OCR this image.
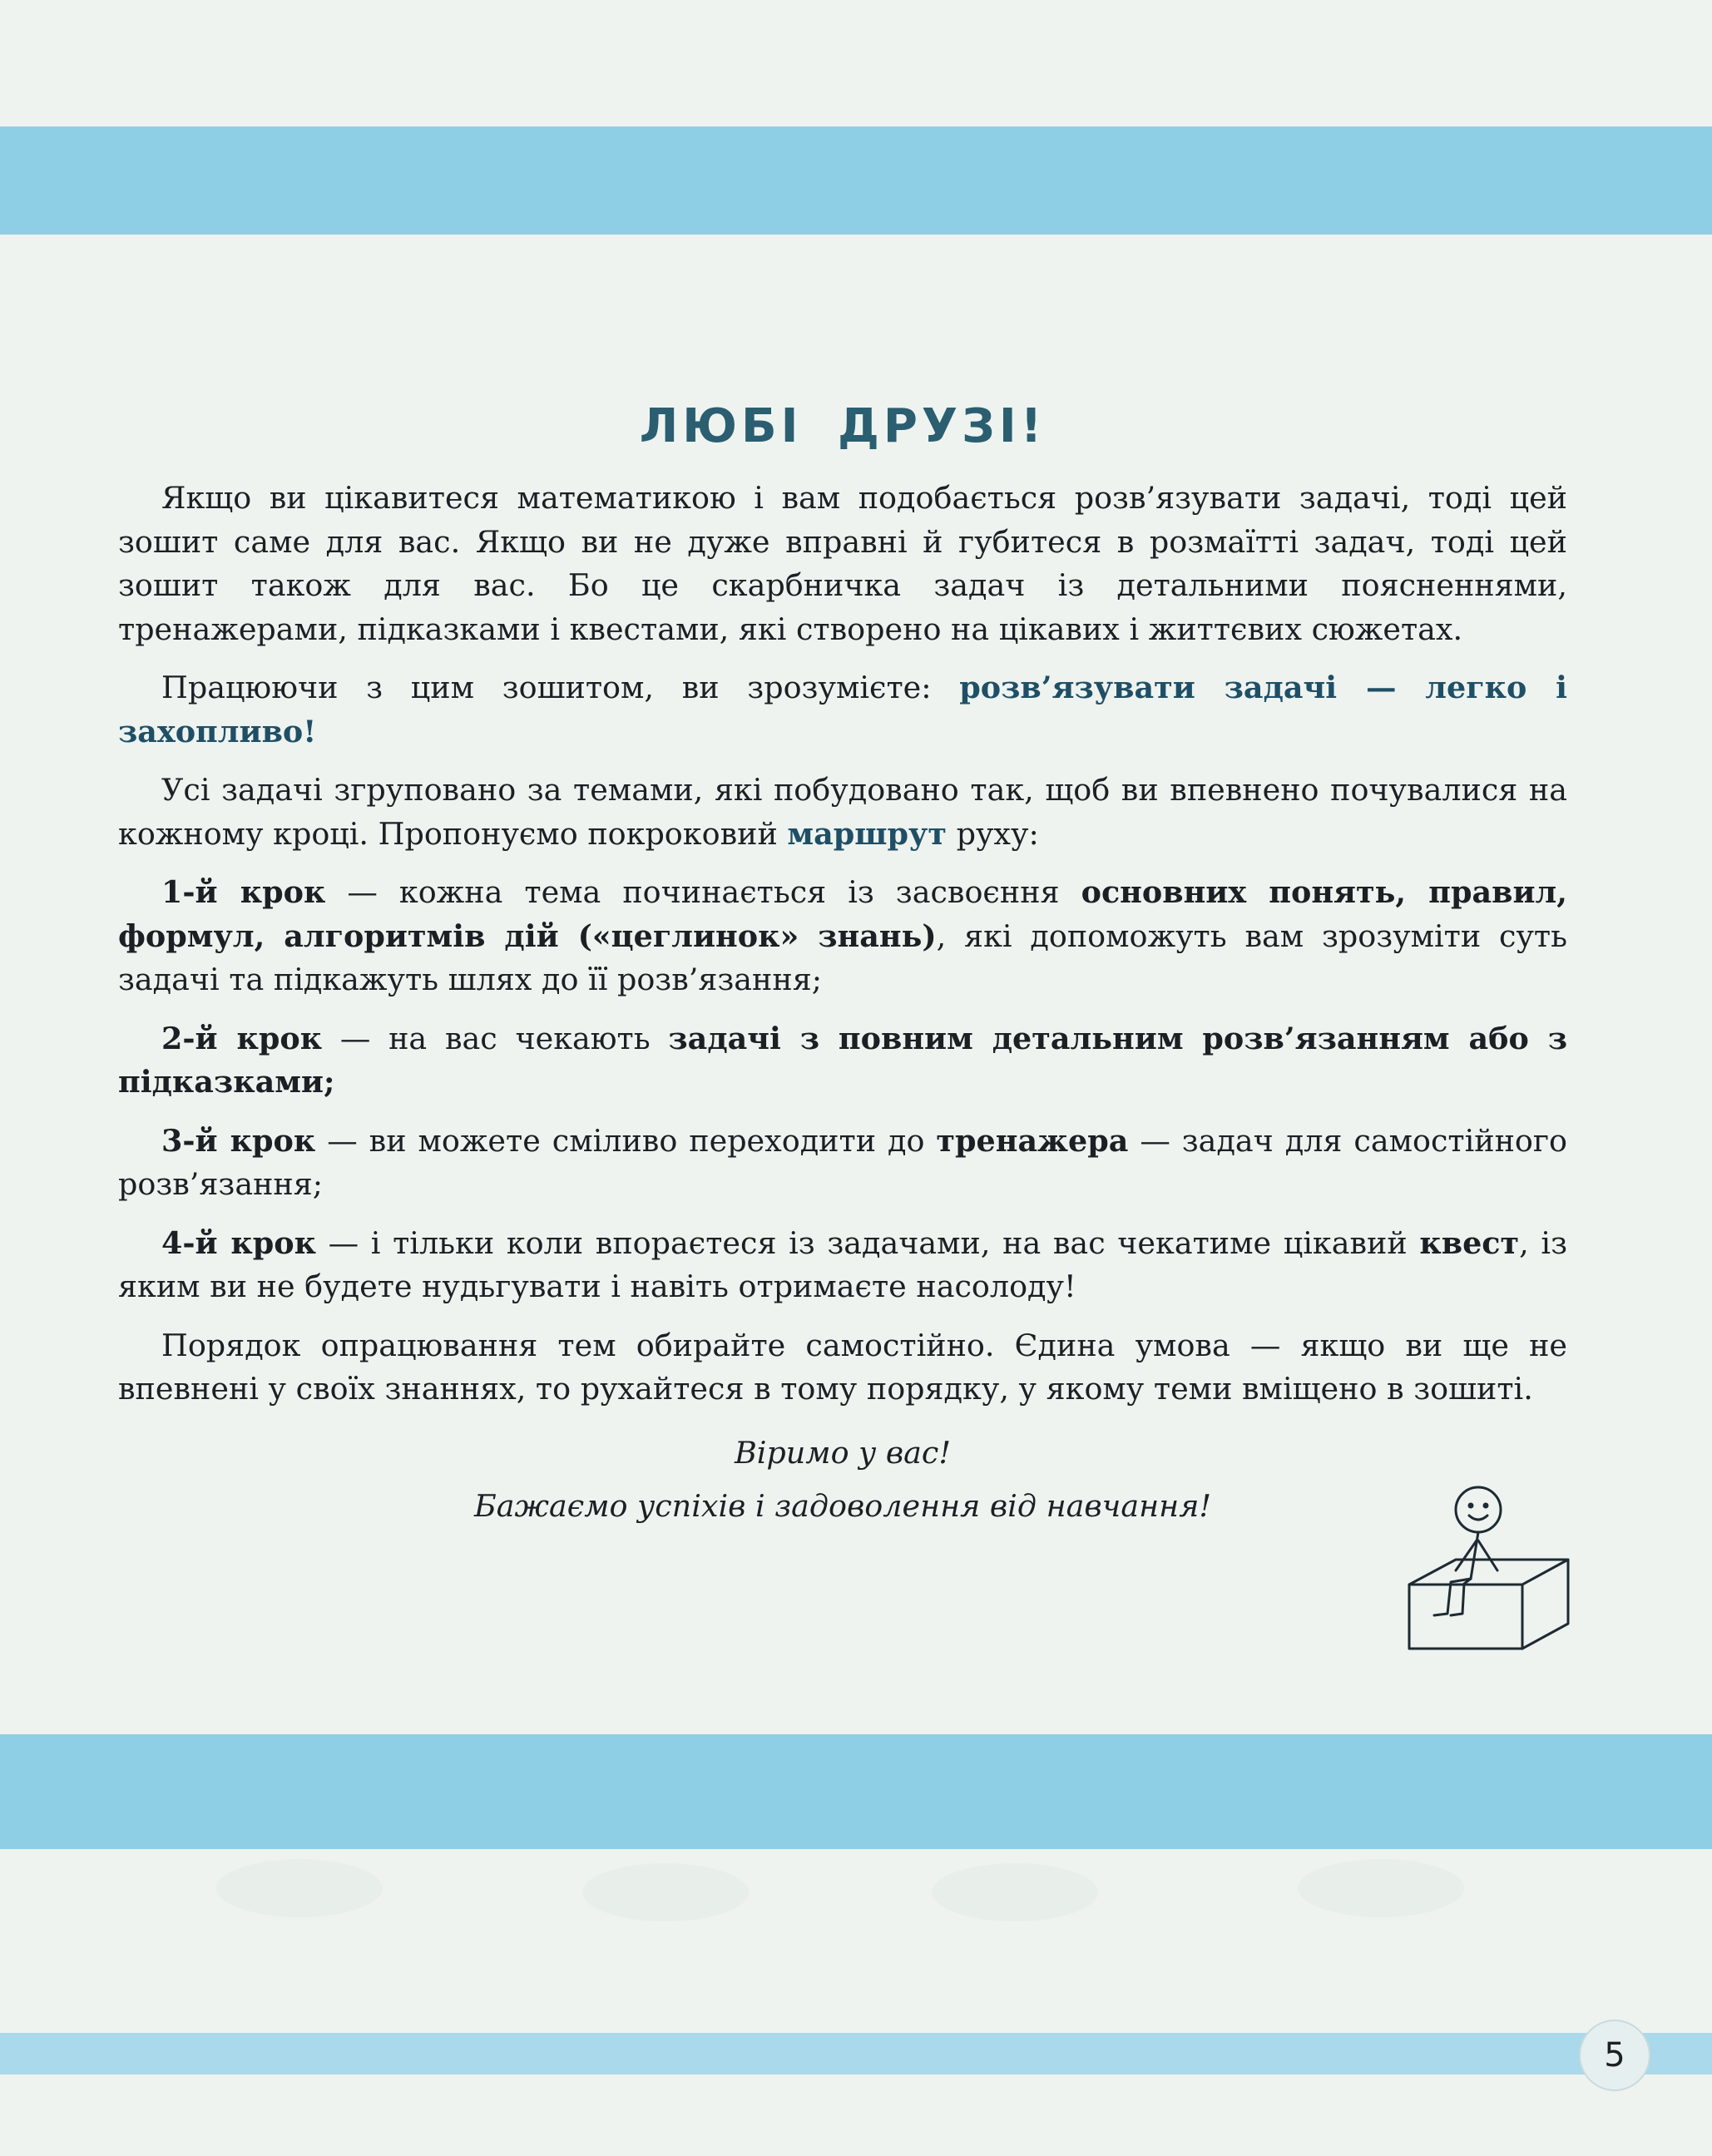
ЛЮБІ ДРУЗІ!

Якщо ви цікавитеся математикою і вам подобається розв’язувати задачі, тоді цей зошит саме для вас. Якщо ви не дуже вправні й губитеся в розмаїтті задач, тоді цей зошит також для вас. Бо це скарбничка задач із детальними поясненнями, тренажерами, підказками і квестами, які створено на цікавих і життєвих сюжетах.

Працюючи з цим зошитом, ви зрозумієте: розв’язувати задачі — легко і захопливо!

Усі задачі згруповано за темами, які побудовано так, щоб ви впевнено почувалися на кожному кроці. Пропонуємо покроковий маршрут руху:

1-й крок — кожна тема починається із засвоєння основних понять, правил, формул, алгоритмів дій («цеглинок» знань), які допоможуть вам зрозуміти суть задачі та підкажуть шлях до її розв’язання;

2-й крок — на вас чекають задачі з повним детальним розв’язанням або з підказками;

3-й крок — ви можете сміливо переходити до тренажера — задач для самостійного розв’язання;

4-й крок — і тільки коли впораєтеся із задачами, на вас чекатиме цікавий квест, із яким ви не будете нудьгувати і навіть отримаєте насолоду!

Порядок опрацювання тем обирайте самостійно. Єдина умова — якщо ви ще не впевнені у своїх знаннях, то рухайтеся в тому порядку, у якому теми вміщено в зошиті.

Віримо у вас!

Бажаємо успіхів і задоволення від навчання!

5
